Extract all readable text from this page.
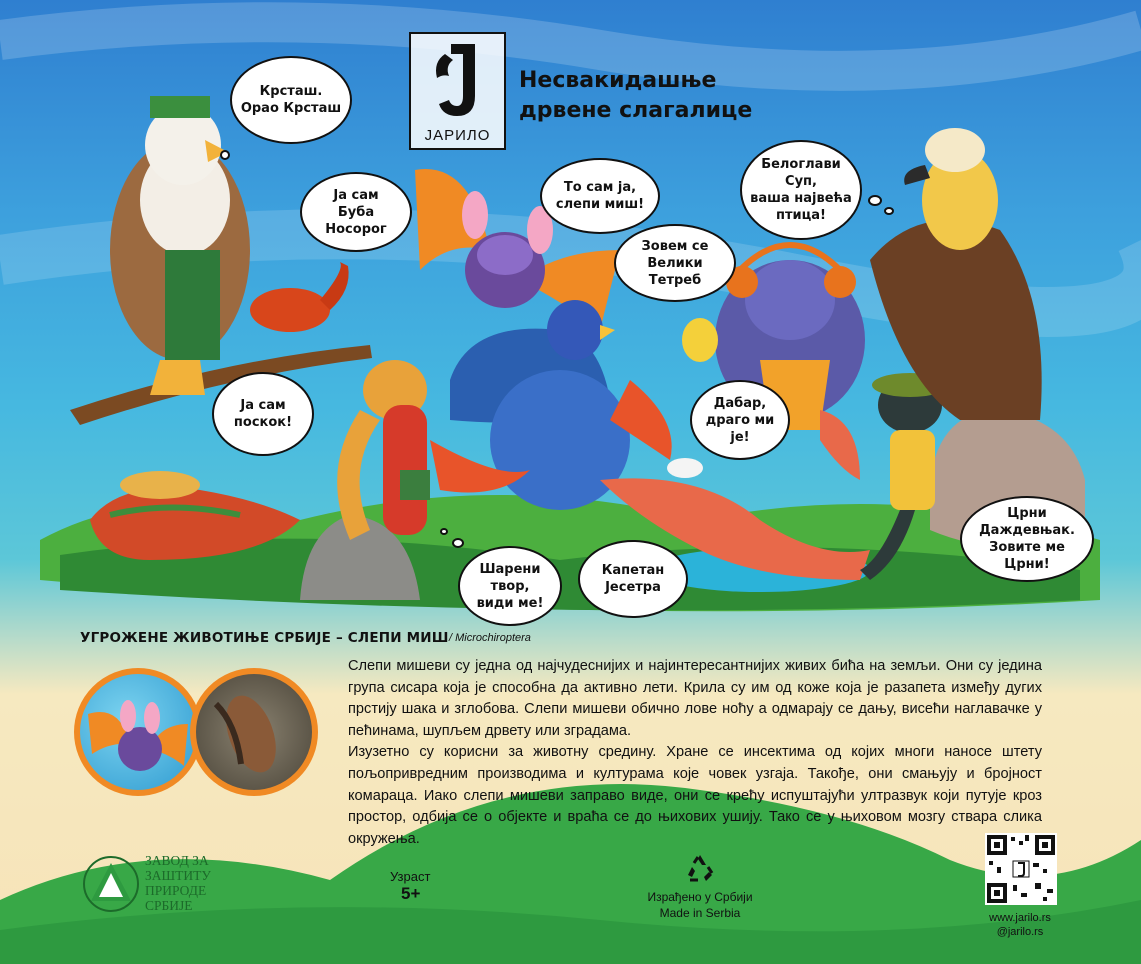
ЈАРИЛО
Несвакидашње
дрвене слагалице
Крсташ.
Орао Крсташ
Ја сам
Буба Носорог
То сам ја,
слепи миш!
Зовем се
Велики Тетреб
Белоглави Суп,
ваша највећа
птица!
Ја сам
поскок!
Дабар,
драго ми је!
Шарени твор,
види ме!
Капетан
Јесетра
Црни Даждевњак.
Зовите ме Црни!
УГРОЖЕНЕ ЖИВОТИЊЕ СРБИЈЕ – СЛЕПИ МИШ / Microchiroptera

Слепи мишеви су једна од најчудеснијих и најинтересантнијих живих бића на земљи. Они су једина група сисара која је способна да активно лети. Крила су им од коже која је разапета између дугих прстију шака и зглобова. Слепи мишеви обично лове ноћу а одмарају се дању, висећи наглавачке у пећинама, шупљем дрвету или зградама.

Изузетно су корисни за животну средину. Хране се инсектима од којих многи наносе штету пољопривредним производима и културама које човек узгаја. Такође, они смањују и бројност комараца. Иако слепи мишеви заправо виде, они се крећу испуштајући ултразвук који путује кроз простор, одбија се о објекте и враћа се до њихових ушију. Тако се у њиховом мозгу ствара слика окружења.

ЗАВОД ЗА
ЗАШТИТУ
ПРИРОДЕ
СРБИЈЕ
Узраст
5+	Израђено у Србији
Made in Serbia	www.jarilo.rs
@jarilo.rs
